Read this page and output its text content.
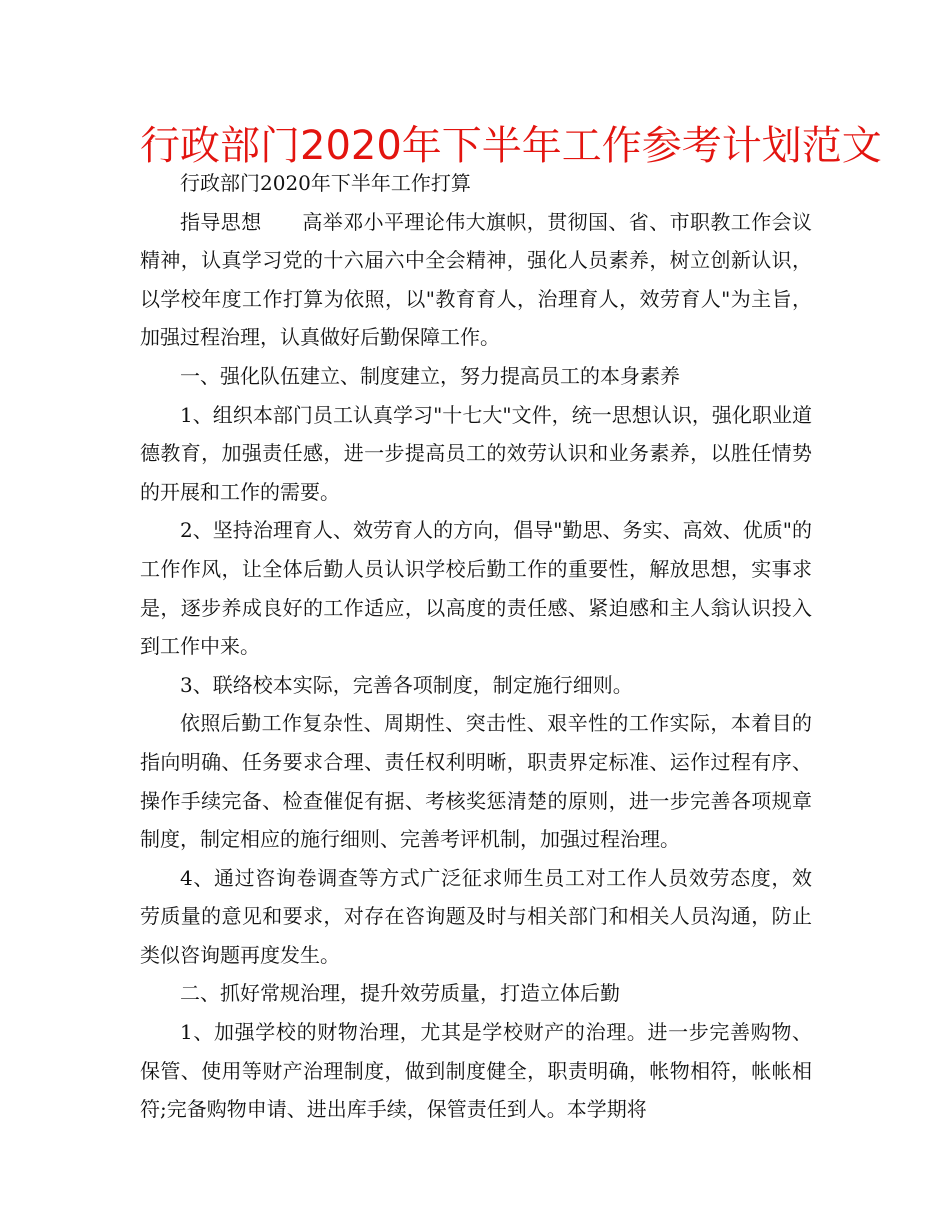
行政部门2020年下半年工作参考计划范文

行政部门2020年下半年工作打算

指导思想　　高举邓小平理论伟大旗帜，贯彻国、省、市职教工作会议精神，认真学习党的十六届六中全会精神，强化人员素养，树立创新认识，以学校年度工作打算为依照，以"教育育人，治理育人，效劳育人"为主旨，加强过程治理，认真做好后勤保障工作。

一、强化队伍建立、制度建立，努力提高员工的本身素养

1、组织本部门员工认真学习"十七大"文件，统一思想认识，强化职业道德教育，加强责任感，进一步提高员工的效劳认识和业务素养，以胜任情势的开展和工作的需要。

2、坚持治理育人、效劳育人的方向，倡导"勤思、务实、高效、优质"的工作作风，让全体后勤人员认识学校后勤工作的重要性，解放思想，实事求是，逐步养成良好的工作适应，以高度的责任感、紧迫感和主人翁认识投入到工作中来。

3、联络校本实际，完善各项制度，制定施行细则。

依照后勤工作复杂性、周期性、突击性、艰辛性的工作实际，本着目的指向明确、任务要求合理、责任权利明晰，职责界定标准、运作过程有序、操作手续完备、检查催促有据、考核奖惩清楚的原则，进一步完善各项规章制度，制定相应的施行细则、完善考评机制，加强过程治理。

4、通过咨询卷调查等方式广泛征求师生员工对工作人员效劳态度，效劳质量的意见和要求，对存在咨询题及时与相关部门和相关人员沟通，防止类似咨询题再度发生。

二、抓好常规治理，提升效劳质量，打造立体后勤

1、加强学校的财物治理，尤其是学校财产的治理。进一步完善购物、保管、使用等财产治理制度，做到制度健全，职责明确，帐物相符，帐帐相符;完备购物申请、进出库手续，保管责任到人。本学期将
